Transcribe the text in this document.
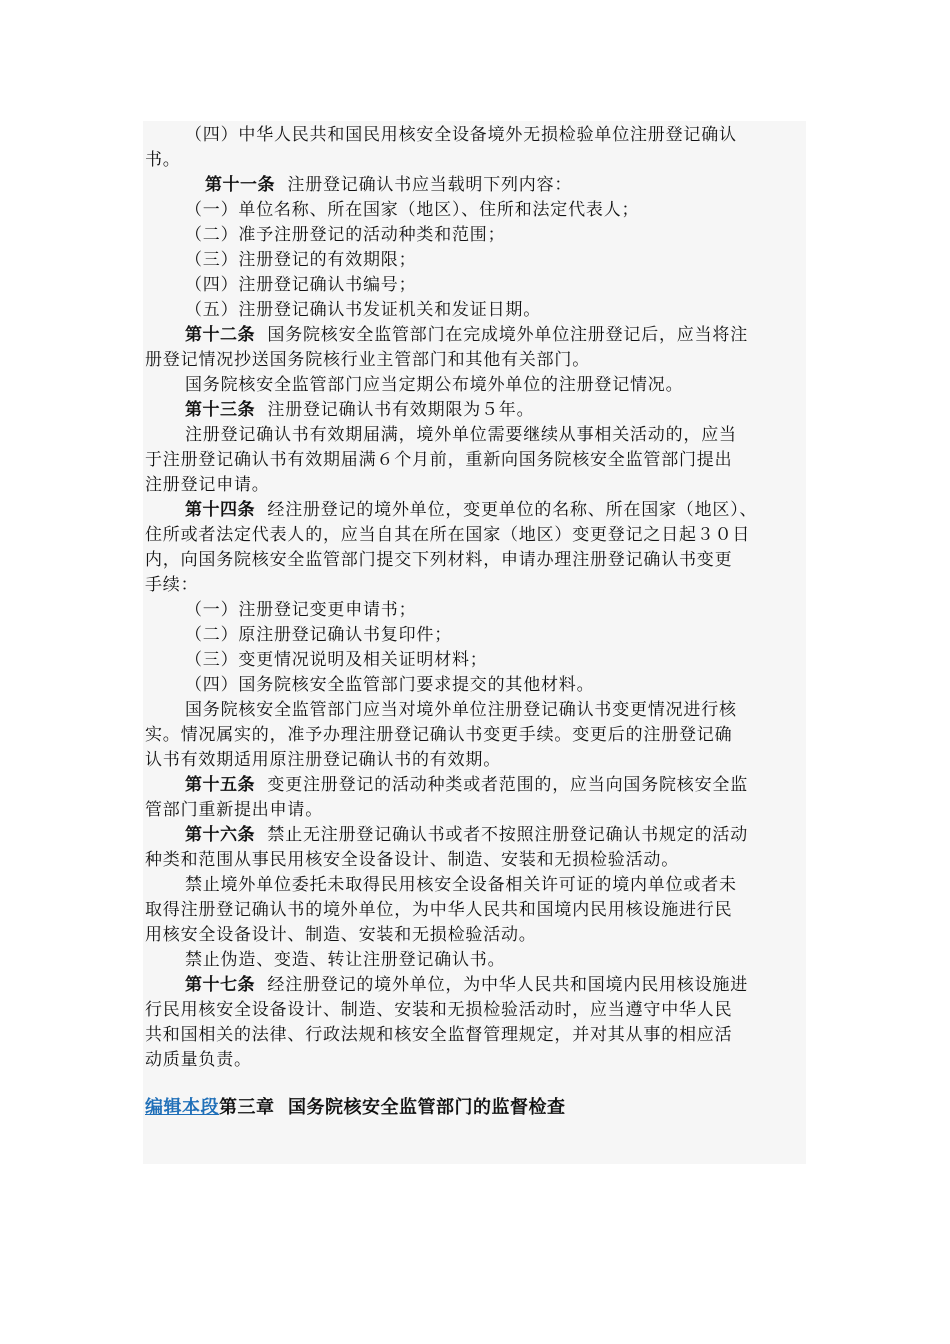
（四）中华人民共和国民用核安全设备境外无损检验单位注册登记确认
书。
第十一条  注册登记确认书应当载明下列内容：
（一）单位名称、所在国家（地区）、住所和法定代表人；
（二）准予注册登记的活动种类和范围；
（三）注册登记的有效期限；
（四）注册登记确认书编号；
（五）注册登记确认书发证机关和发证日期。
第十二条  国务院核安全监管部门在完成境外单位注册登记后，应当将注
册登记情况抄送国务院核行业主管部门和其他有关部门。
国务院核安全监管部门应当定期公布境外单位的注册登记情况。
第十三条  注册登记确认书有效期限为５年。
注册登记确认书有效期届满，境外单位需要继续从事相关活动的，应当
于注册登记确认书有效期届满６个月前，重新向国务院核安全监管部门提出
注册登记申请。
第十四条  经注册登记的境外单位，变更单位的名称、所在国家（地区）、
住所或者法定代表人的，应当自其在所在国家（地区）变更登记之日起３０日
内，向国务院核安全监管部门提交下列材料，申请办理注册登记确认书变更
手续：
（一）注册登记变更申请书；
（二）原注册登记确认书复印件；
（三）变更情况说明及相关证明材料；
（四）国务院核安全监管部门要求提交的其他材料。
国务院核安全监管部门应当对境外单位注册登记确认书变更情况进行核
实。情况属实的，准予办理注册登记确认书变更手续。变更后的注册登记确
认书有效期适用原注册登记确认书的有效期。
第十五条  变更注册登记的活动种类或者范围的，应当向国务院核安全监
管部门重新提出申请。
第十六条  禁止无注册登记确认书或者不按照注册登记确认书规定的活动
种类和范围从事民用核安全设备设计、制造、安装和无损检验活动。
禁止境外单位委托未取得民用核安全设备相关许可证的境内单位或者未
取得注册登记确认书的境外单位，为中华人民共和国境内民用核设施进行民
用核安全设备设计、制造、安装和无损检验活动。
禁止伪造、变造、转让注册登记确认书。
第十七条  经注册登记的境外单位，为中华人民共和国境内民用核设施进
行民用核安全设备设计、制造、安装和无损检验活动时，应当遵守中华人民
共和国相关的法律、行政法规和核安全监督管理规定，并对其从事的相应活
动质量负责。
编辑本段第三章  国务院核安全监管部门的监督检查
